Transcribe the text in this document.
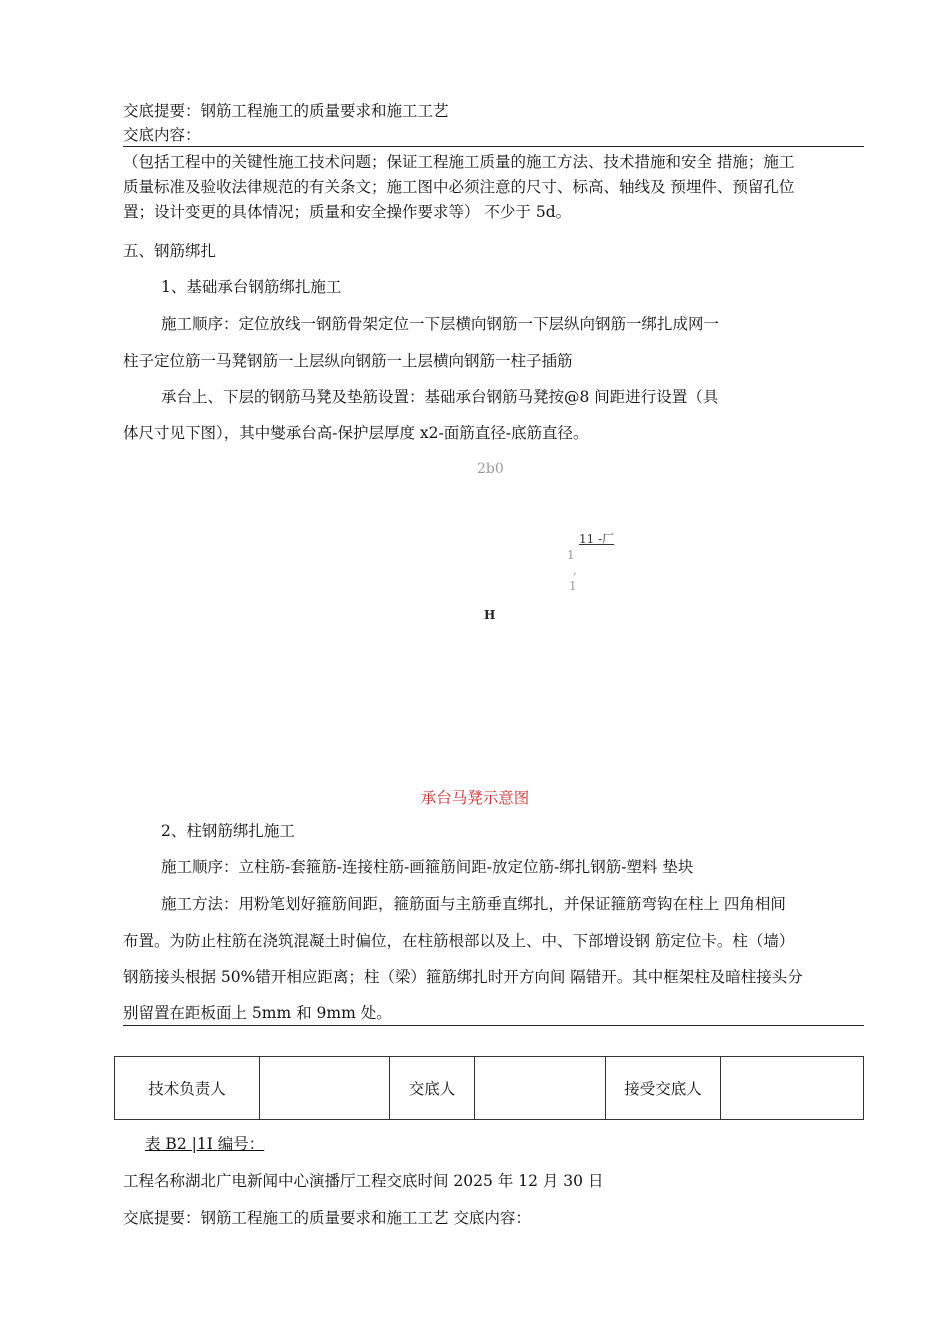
交底提要：钢筋工程施工的质量要求和施工工艺
交底内容：
（包括工程中的关键性施工技术问题；保证工程施工质量的施工方法、技术措施和安全 措施；施工
质量标准及验收法律规范的有关条文；施工图中必须注意的尺寸、标高、轴线及 预埋件、预留孔位
置；设计变更的具体情况；质量和安全操作要求等） 不少于 5d。
五、钢筋绑扎
1、基础承台钢筋绑扎施工
施工顺序：定位放线一钢筋骨架定位一下层横向钢筋一下层纵向钢筋一绑扎成网一
柱子定位筋一马凳钢筋一上层纵向钢筋一上层横向钢筋一柱子插筋
承台上、下层的钢筋马凳及垫筋设置：基础承台钢筋马凳按@8 间距进行设置（具
体尺寸见下图），其中燮承台高-保护层厚度 x2-面筋直径-底筋直径。
2b0
11 -厂
1
,
1
H
承台马凳示意图
2、柱钢筋绑扎施工
施工顺序：立柱筋-套箍筋-连接柱筋-画箍筋间距-放定位筋-绑扎钢筋-塑料 垫块
施工方法：用粉笔划好箍筋间距，箍筋面与主筋垂直绑扎，并保证箍筋弯钩在柱上 四角相间
布置。为防止柱筋在浇筑混凝土时偏位，在柱筋根部以及上、中、下部增设钢 筋定位卡。柱（墙）
钢筋接头根据 50%错开相应距离；柱（梁）箍筋绑扎时开方向间 隔错开。其中框架柱及暗柱接头分
别留置在距板面上 5mm 和 9mm 处。
技术负责人		交底人		接受交底人	
表 B2 |1I 编号：
工程名称湖北广电新闻中心演播厅工程交底时间 2025 年 12 月 30 日
交底提要：钢筋工程施工的质量要求和施工工艺 交底内容：
